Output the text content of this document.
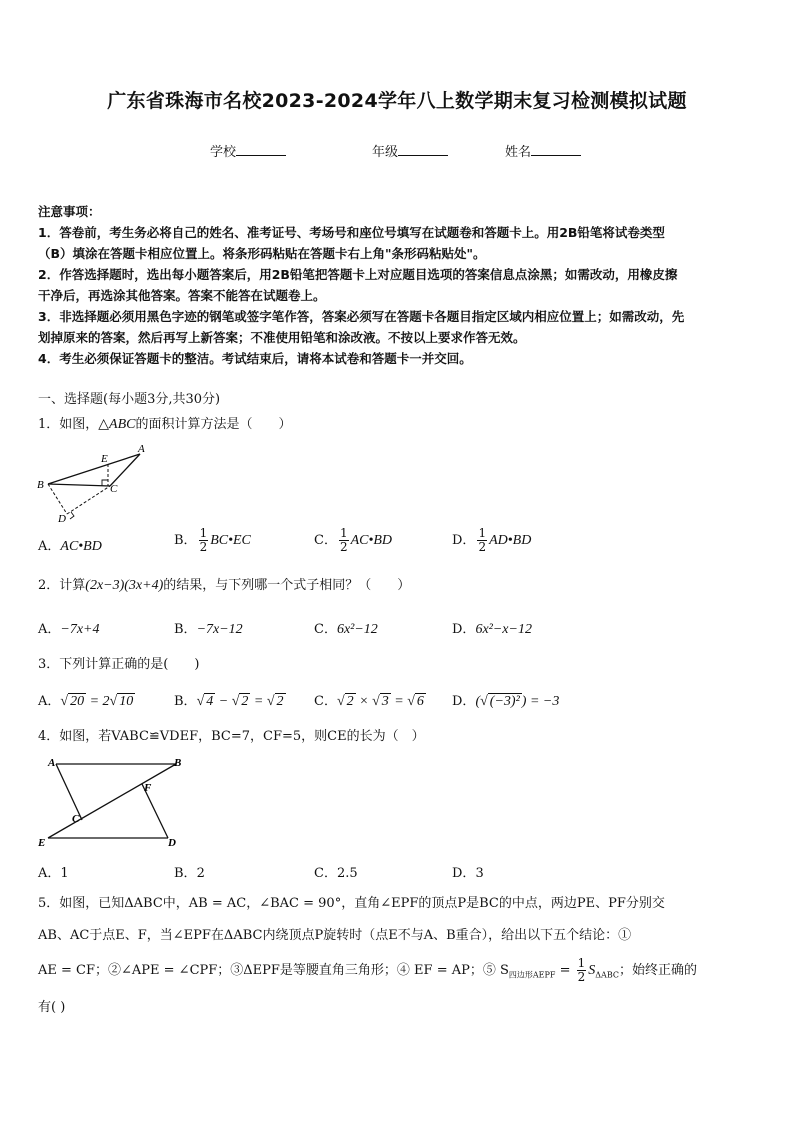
广东省珠海市名校2023-2024学年八上数学期末复习检测模拟试题
学校	年级	姓名
注意事项：
1．答卷前，考生务必将自己的姓名、准考证号、考场号和座位号填写在试题卷和答题卡上。用2B铅笔将试卷类型
（B）填涂在答题卡相应位置上。将条形码粘贴在答题卡右上角"条形码粘贴处"。
2．作答选择题时，选出每小题答案后，用2B铅笔把答题卡上对应题目选项的答案信息点涂黑；如需改动，用橡皮擦
干净后，再选涂其他答案。答案不能答在试题卷上。
3．非选择题必须用黑色字迹的钢笔或签字笔作答，答案必须写在答题卡各题目指定区域内相应位置上；如需改动，先
划掉原来的答案，然后再写上新答案；不准使用铅笔和涂改液。不按以上要求作答无效。
4．考生必须保证答题卡的整洁。考试结束后，请将本试卷和答题卡一并交回。
一、选择题(每小题3分,共30分)
1．如图，△ABC的面积计算方法是（　　）
A
B	C
D
E
A．AC•BD	B． $\frac{1}{2}$ BC•EC	C． $\frac{1}{2}$ AC•BD	D． $\frac{1}{2}$ AD•BD
2．计算(2x−3)(3x+4)的结果，与下列哪一个式子相同？（　　）
A．−7x+4	B．−7x−12	C．6x²−12	D．6x²−x−12
3．下列计算正确的是(　　)
A．√ 20 = 2√ 10	B．√ 4 − √ 2 = √ 2 C．√ 2 × √ 3 = √ 6 D．(√ (−3)² ) = −3
4．如图，若VABC≌VDEF，BC=7，CF=5，则CE的长为（　）
A	B
C
D
E
F
A．1	B．2	C．2.5	D．3
5．如图，已知ΔABC中，AB = AC，∠BAC = 90°，直角∠EPF的顶点P是BC的中点，两边PE、PF分别交
AB、AC于点E、F，当∠EPF在ΔABC内绕顶点P旋转时（点E不与A、B重合），给出以下五个结论：①
AE = CF；②∠APE = ∠CPF；③ΔEPF是等腰直角三角形；④ EF = AP；⑤ $S_{四边形AEPF} = \frac{1}{2} S_{\Delta ABC}$；始终正确的
有( )
